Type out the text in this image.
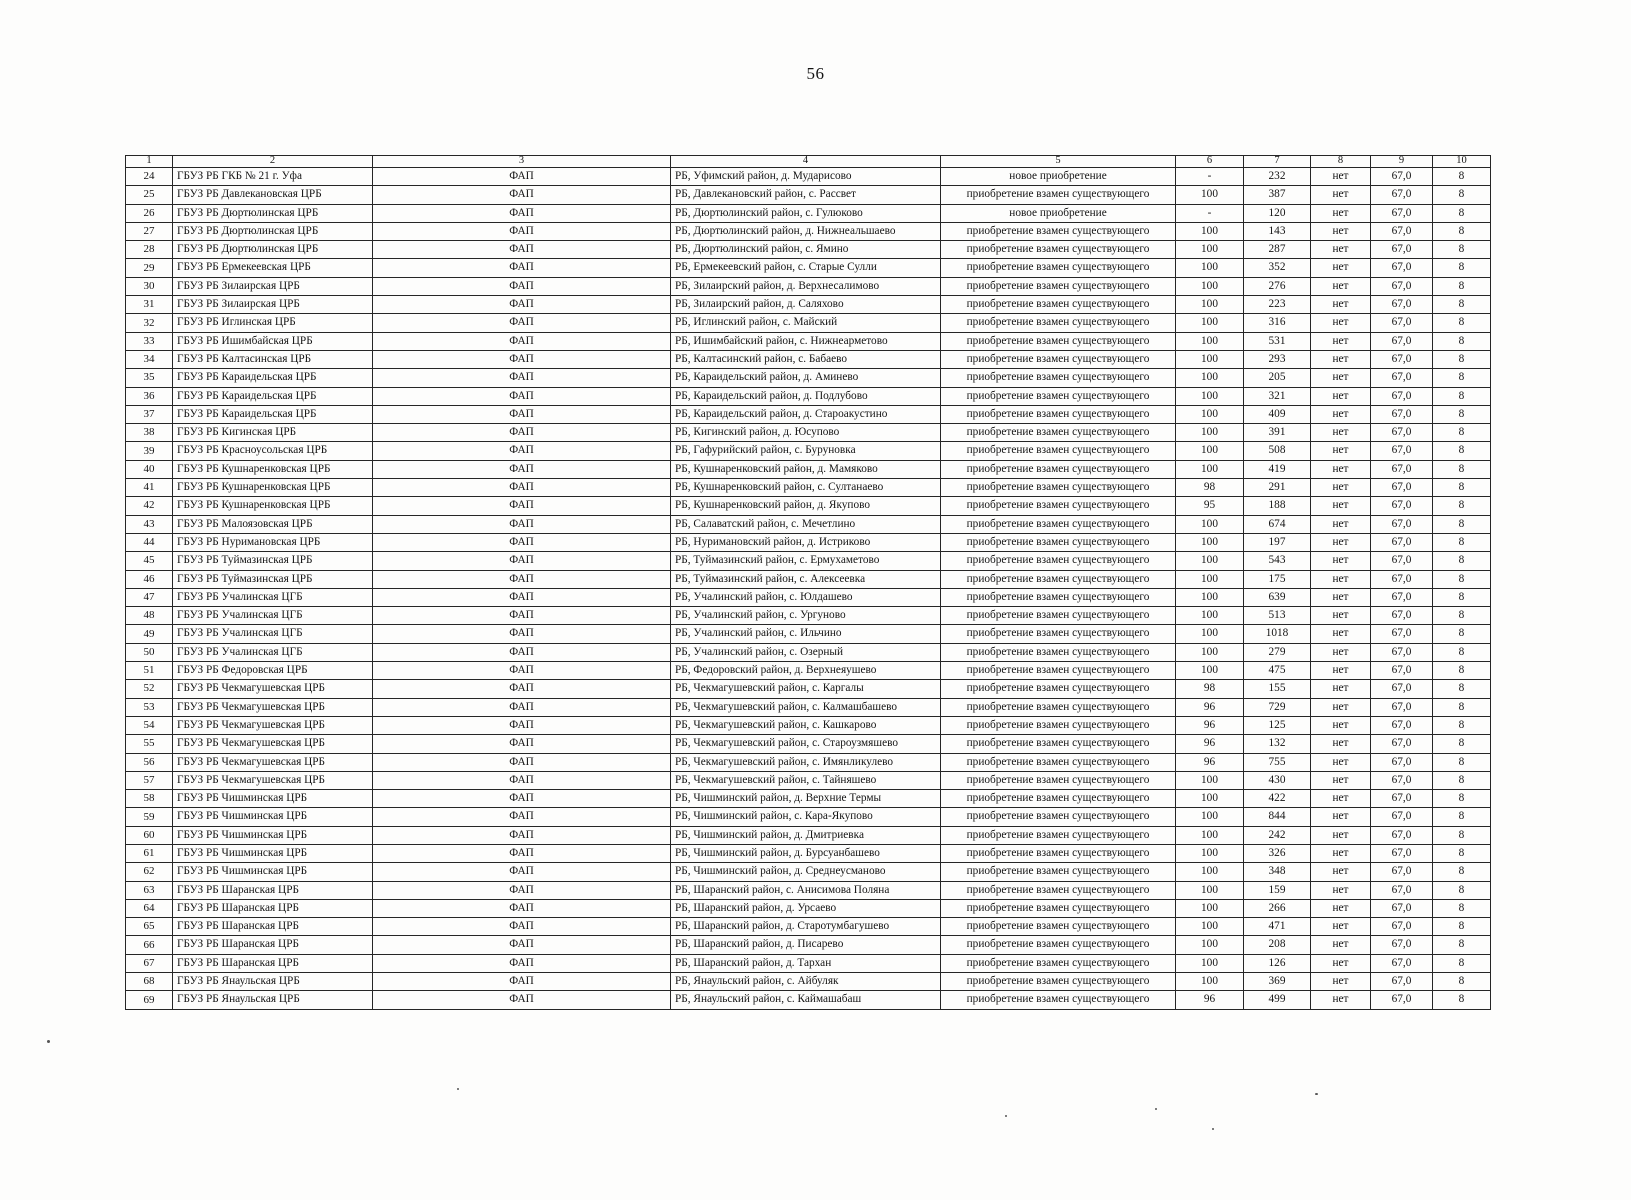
56
1	2	3	4	5	6	7	8	9	10
24	ГБУЗ РБ ГКБ № 21 г. Уфа	ФАП	РБ, Уфимский район, д. Мударисово	новое приобретение	-	232	нет	67,0	8
25	ГБУЗ РБ Давлекановская ЦРБ	ФАП	РБ, Давлекановский район, с. Рассвет	приобретение взамен существующего	100	387	нет	67,0	8
26	ГБУЗ РБ Дюртюлинская ЦРБ	ФАП	РБ, Дюртюлинский район, с. Гулюково	новое приобретение	-	120	нет	67,0	8
27	ГБУЗ РБ Дюртюлинская ЦРБ	ФАП	РБ, Дюртюлинский район, д. Нижнеальшаево	приобретение взамен существующего	100	143	нет	67,0	8
28	ГБУЗ РБ Дюртюлинская ЦРБ	ФАП	РБ, Дюртюлинский район, с. Ямино	приобретение взамен существующего	100	287	нет	67,0	8
29	ГБУЗ РБ Ермекеевская ЦРБ	ФАП	РБ, Ермекеевский район, с. Старые Сулли	приобретение взамен существующего	100	352	нет	67,0	8
30	ГБУЗ РБ Зилаирская ЦРБ	ФАП	РБ, Зилаирский район, д. Верхнесалимово	приобретение взамен существующего	100	276	нет	67,0	8
31	ГБУЗ РБ Зилаирская ЦРБ	ФАП	РБ, Зилаирский район, д. Саляхово	приобретение взамен существующего	100	223	нет	67,0	8
32	ГБУЗ РБ Иглинская ЦРБ	ФАП	РБ, Иглинский район, с. Майский	приобретение взамен существующего	100	316	нет	67,0	8
33	ГБУЗ РБ Ишимбайская ЦРБ	ФАП	РБ, Ишимбайский район, с. Нижнеарметово	приобретение взамен существующего	100	531	нет	67,0	8
34	ГБУЗ РБ Калтасинская ЦРБ	ФАП	РБ, Калтасинский район, с. Бабаево	приобретение взамен существующего	100	293	нет	67,0	8
35	ГБУЗ РБ Караидельская ЦРБ	ФАП	РБ, Караидельский район, д. Аминево	приобретение взамен существующего	100	205	нет	67,0	8
36	ГБУЗ РБ Караидельская ЦРБ	ФАП	РБ, Караидельский район, д. Подлубово	приобретение взамен существующего	100	321	нет	67,0	8
37	ГБУЗ РБ Караидельская ЦРБ	ФАП	РБ, Караидельский район, д. Староакустино	приобретение взамен существующего	100	409	нет	67,0	8
38	ГБУЗ РБ Кигинская ЦРБ	ФАП	РБ, Кигинский район, д. Юсупово	приобретение взамен существующего	100	391	нет	67,0	8
39	ГБУЗ РБ Красноусольская ЦРБ	ФАП	РБ, Гафурийский район, с. Буруновка	приобретение взамен существующего	100	508	нет	67,0	8
40	ГБУЗ РБ Кушнаренковская ЦРБ	ФАП	РБ, Кушнаренковский район, д. Мамяково	приобретение взамен существующего	100	419	нет	67,0	8
41	ГБУЗ РБ Кушнаренковская ЦРБ	ФАП	РБ, Кушнаренковский район, с. Султанаево	приобретение взамен существующего	98	291	нет	67,0	8
42	ГБУЗ РБ Кушнаренковская ЦРБ	ФАП	РБ, Кушнаренковский район, д. Якупово	приобретение взамен существующего	95	188	нет	67,0	8
43	ГБУЗ РБ Малоязовская ЦРБ	ФАП	РБ, Салаватский район, с. Мечетлино	приобретение взамен существующего	100	674	нет	67,0	8
44	ГБУЗ РБ Нуримановская ЦРБ	ФАП	РБ, Нуримановский район, д. Истриково	приобретение взамен существующего	100	197	нет	67,0	8
45	ГБУЗ РБ Туймазинская ЦРБ	ФАП	РБ, Туймазинский район, с. Ермухаметово	приобретение взамен существующего	100	543	нет	67,0	8
46	ГБУЗ РБ Туймазинская ЦРБ	ФАП	РБ, Туймазинский район, с. Алексеевка	приобретение взамен существующего	100	175	нет	67,0	8
47	ГБУЗ РБ Учалинская ЦГБ	ФАП	РБ, Учалинский район, с. Юлдашево	приобретение взамен существующего	100	639	нет	67,0	8
48	ГБУЗ РБ Учалинская ЦГБ	ФАП	РБ, Учалинский район, с. Ургуново	приобретение взамен существующего	100	513	нет	67,0	8
49	ГБУЗ РБ Учалинская ЦГБ	ФАП	РБ, Учалинский район, с. Ильчино	приобретение взамен существующего	100	1018	нет	67,0	8
50	ГБУЗ РБ Учалинская ЦГБ	ФАП	РБ, Учалинский район, с. Озерный	приобретение взамен существующего	100	279	нет	67,0	8
51	ГБУЗ РБ Федоровская ЦРБ	ФАП	РБ, Федоровский район, д. Верхнеяушево	приобретение взамен существующего	100	475	нет	67,0	8
52	ГБУЗ РБ Чекмагушевская ЦРБ	ФАП	РБ, Чекмагушевский район, с. Каргалы	приобретение взамен существующего	98	155	нет	67,0	8
53	ГБУЗ РБ Чекмагушевская ЦРБ	ФАП	РБ, Чекмагушевский район, с. Калмашбашево	приобретение взамен существующего	96	729	нет	67,0	8
54	ГБУЗ РБ Чекмагушевская ЦРБ	ФАП	РБ, Чекмагушевский район, с. Кашкарово	приобретение взамен существующего	96	125	нет	67,0	8
55	ГБУЗ РБ Чекмагушевская ЦРБ	ФАП	РБ, Чекмагушевский район, с. Староузмяшево	приобретение взамен существующего	96	132	нет	67,0	8
56	ГБУЗ РБ Чекмагушевская ЦРБ	ФАП	РБ, Чекмагушевский район, с. Имянликулево	приобретение взамен существующего	96	755	нет	67,0	8
57	ГБУЗ РБ Чекмагушевская ЦРБ	ФАП	РБ, Чекмагушевский район, с. Тайняшево	приобретение взамен существующего	100	430	нет	67,0	8
58	ГБУЗ РБ Чишминская ЦРБ	ФАП	РБ, Чишминский район, д. Верхние Термы	приобретение взамен существующего	100	422	нет	67,0	8
59	ГБУЗ РБ Чишминская ЦРБ	ФАП	РБ, Чишминский район, с. Кара-Якупово	приобретение взамен существующего	100	844	нет	67,0	8
60	ГБУЗ РБ Чишминская ЦРБ	ФАП	РБ, Чишминский район, д. Дмитриевка	приобретение взамен существующего	100	242	нет	67,0	8
61	ГБУЗ РБ Чишминская ЦРБ	ФАП	РБ, Чишминский район, д. Бурсуанбашево	приобретение взамен существующего	100	326	нет	67,0	8
62	ГБУЗ РБ Чишминская ЦРБ	ФАП	РБ, Чишминский район, д. Среднеусманово	приобретение взамен существующего	100	348	нет	67,0	8
63	ГБУЗ РБ Шаранская ЦРБ	ФАП	РБ, Шаранский район, с. Анисимова Поляна	приобретение взамен существующего	100	159	нет	67,0	8
64	ГБУЗ РБ Шаранская ЦРБ	ФАП	РБ, Шаранский район, д. Урсаево	приобретение взамен существующего	100	266	нет	67,0	8
65	ГБУЗ РБ Шаранская ЦРБ	ФАП	РБ, Шаранский район, д. Старотумбагушево	приобретение взамен существующего	100	471	нет	67,0	8
66	ГБУЗ РБ Шаранская ЦРБ	ФАП	РБ, Шаранский район, д. Писарево	приобретение взамен существующего	100	208	нет	67,0	8
67	ГБУЗ РБ Шаранская ЦРБ	ФАП	РБ, Шаранский район, д. Тархан	приобретение взамен существующего	100	126	нет	67,0	8
68	ГБУЗ РБ Янаульская ЦРБ	ФАП	РБ, Янаульский район, с. Айбуляк	приобретение взамен существующего	100	369	нет	67,0	8
69	ГБУЗ РБ Янаульская ЦРБ	ФАП	РБ, Янаульский район, с. Каймашабаш	приобретение взамен существующего	96	499	нет	67,0	8
